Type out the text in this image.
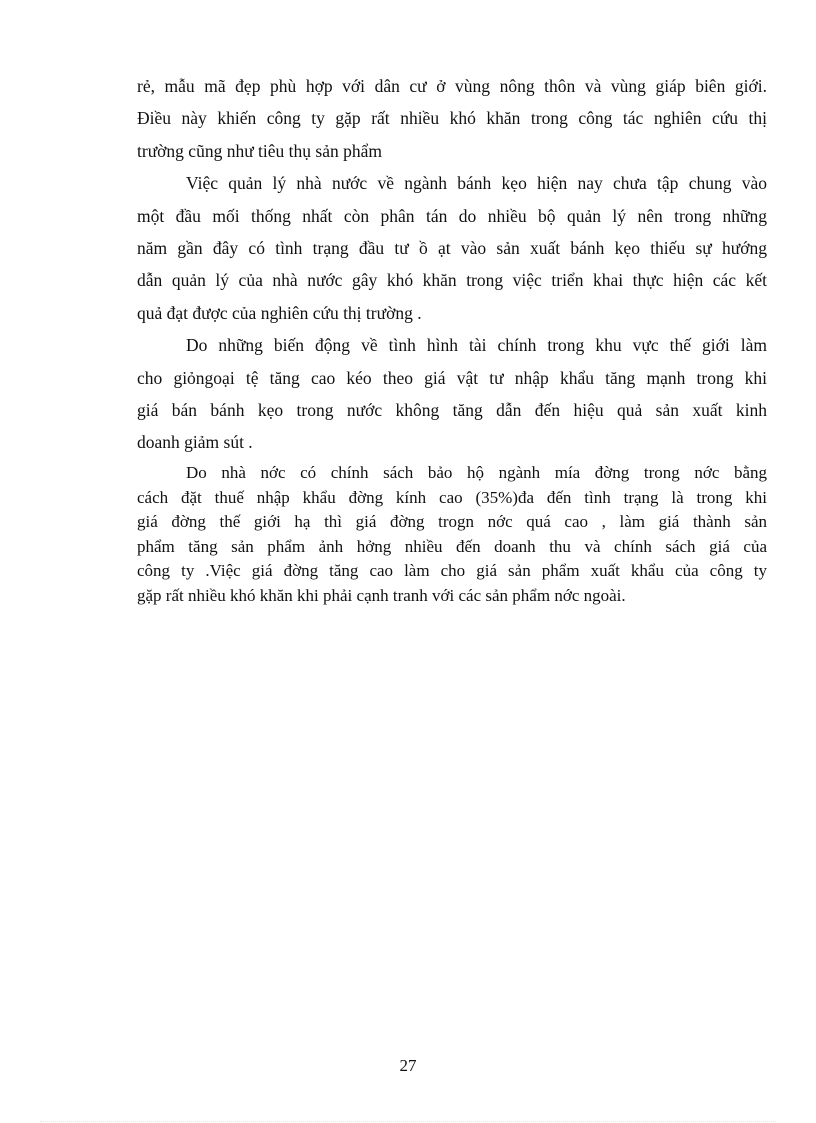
rẻ, mẫu mã đẹp phù hợp với dân cư ở vùng nông thôn và vùng giáp biên giới.
Điều này khiến công ty gặp rất nhiều khó khăn trong công tác nghiên cứu thị
trường cũng như tiêu thụ sản phẩm
Việc quản lý nhà nước về ngành bánh kẹo hiện nay chưa tập chung vào
một đầu mối thống nhất còn phân tán do nhiều bộ quản lý nên trong những
năm gần đây có tình trạng đầu tư ồ ạt vào sản xuất bánh kẹo thiếu sự hướng
dẫn quản lý của nhà nước gây khó khăn trong việc triển khai thực hiện các kết
quả đạt được của nghiên cứu thị trường .
Do những biến động về tình hình tài chính trong khu vực thế giới làm
cho giỏngoại tệ tăng cao kéo theo giá vật tư nhập khẩu tăng mạnh trong khi
giá bán bánh kẹo trong nước không tăng dẫn đến hiệu quả sản xuất kinh
doanh giảm sút .
Do nhà nớc có chính sách bảo hộ ngành mía đờng trong nớc bằng
cách đặt thuế nhập khẩu đờng kính cao (35%)đa đến tình trạng là trong khi
giá đờng thế giới hạ thì giá đờng trogn nớc quá cao , làm giá thành sản
phẩm tăng sản phẩm ảnh hởng nhiều đến doanh thu và chính sách giá của
công ty .Việc giá đờng tăng cao làm cho giá sản phẩm xuất khẩu của công ty
gặp rất nhiều khó khăn khi phải cạnh tranh với các sản phẩm nớc ngoài.
27
